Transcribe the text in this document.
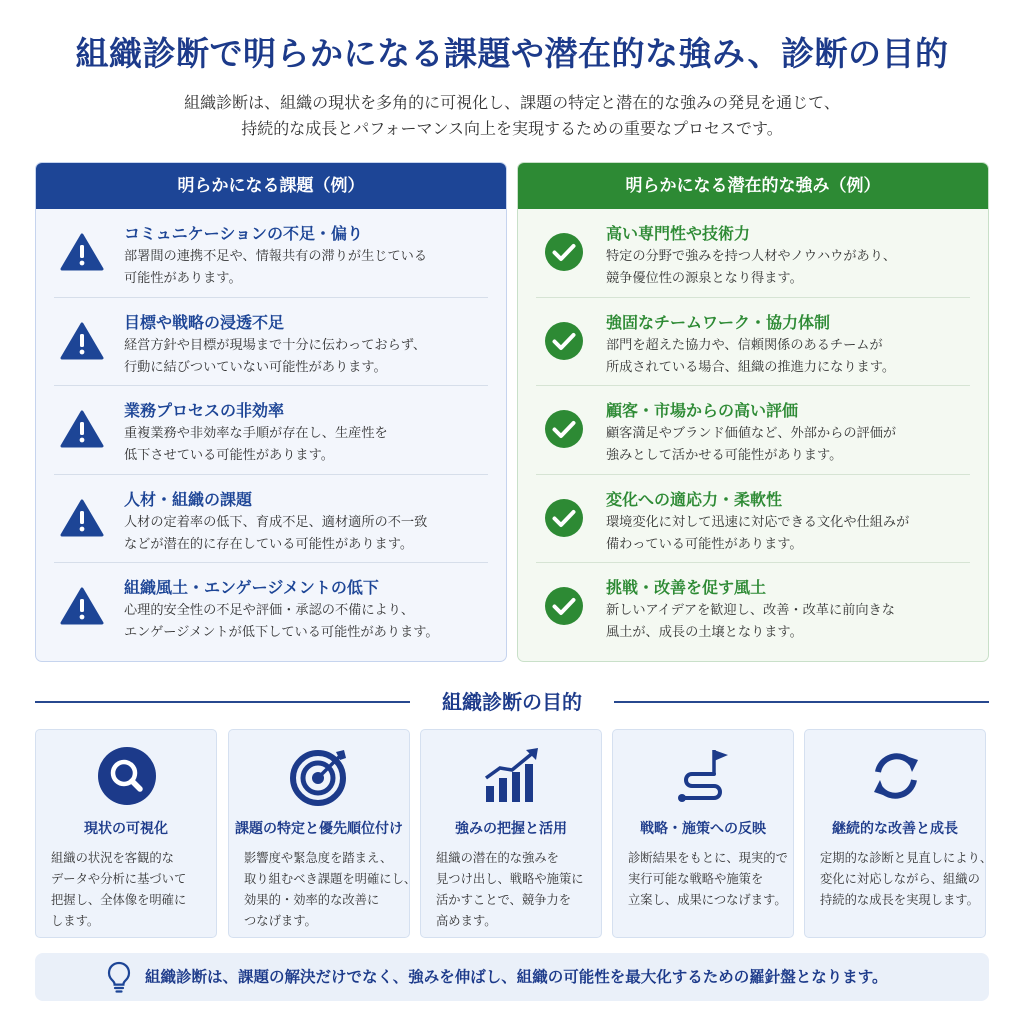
組織診断で明らかになる課題や潜在的な強み、診断の目的
組織診断は、組織の現状を多角的に可視化し、課題の特定と潜在的な強みの発見を通じて、
持続的な成長とパフォーマンス向上を実現するための重要なプロセスです。
明らかになる課題（例）
コミュニケーションの不足・偏り
部署間の連携不足や、情報共有の滞りが生じている
可能性があります。
目標や戦略の浸透不足
経営方針や目標が現場まで十分に伝わっておらず、
行動に結びついていない可能性があります。
業務プロセスの非効率
重複業務や非効率な手順が存在し、生産性を
低下させている可能性があります。
人材・組織の課題
人材の定着率の低下、育成不足、適材適所の不一致
などが潜在的に存在している可能性があります。
組織風土・エンゲージメントの低下
心理的安全性の不足や評価・承認の不備により、
エンゲージメントが低下している可能性があります。
明らかになる潜在的な強み（例）
高い専門性や技術力
特定の分野で強みを持つ人材やノウハウがあり、
競争優位性の源泉となり得ます。
強固なチームワーク・協力体制
部門を超えた協力や、信頼関係のあるチームが
所成されている場合、組織の推進力になります。
顧客・市場からの高い評価
顧客満足やブランド価値など、外部からの評価が
強みとして活かせる可能性があります。
変化への適応力・柔軟性
環境変化に対して迅速に対応できる文化や仕組みが
備わっている可能性があります。
挑戦・改善を促す風土
新しいアイデアを歓迎し、改善・改革に前向きな
風土が、成長の土壌となります。
組織診断の目的
現状の可視化
組織の状況を客観的な
データや分析に基づいて
把握し、全体像を明確に
します。
課題の特定と優先順位付け
影響度や緊急度を踏まえ、
取り組むべき課題を明確にし、
効果的・効率的な改善に
つなげます。
強みの把握と活用
組織の潜在的な強みを
見つけ出し、戦略や施策に
活かすことで、競争力を
高めます。
戦略・施策への反映
診断結果をもとに、現実的で
実行可能な戦略や施策を
立案し、成果につなげます。
継続的な改善と成長
定期的な診断と見直しにより、
変化に対応しながら、組織の
持続的な成長を実現します。
組織診断は、課題の解決だけでなく、強みを伸ばし、組織の可能性を最大化するための羅針盤となります。
